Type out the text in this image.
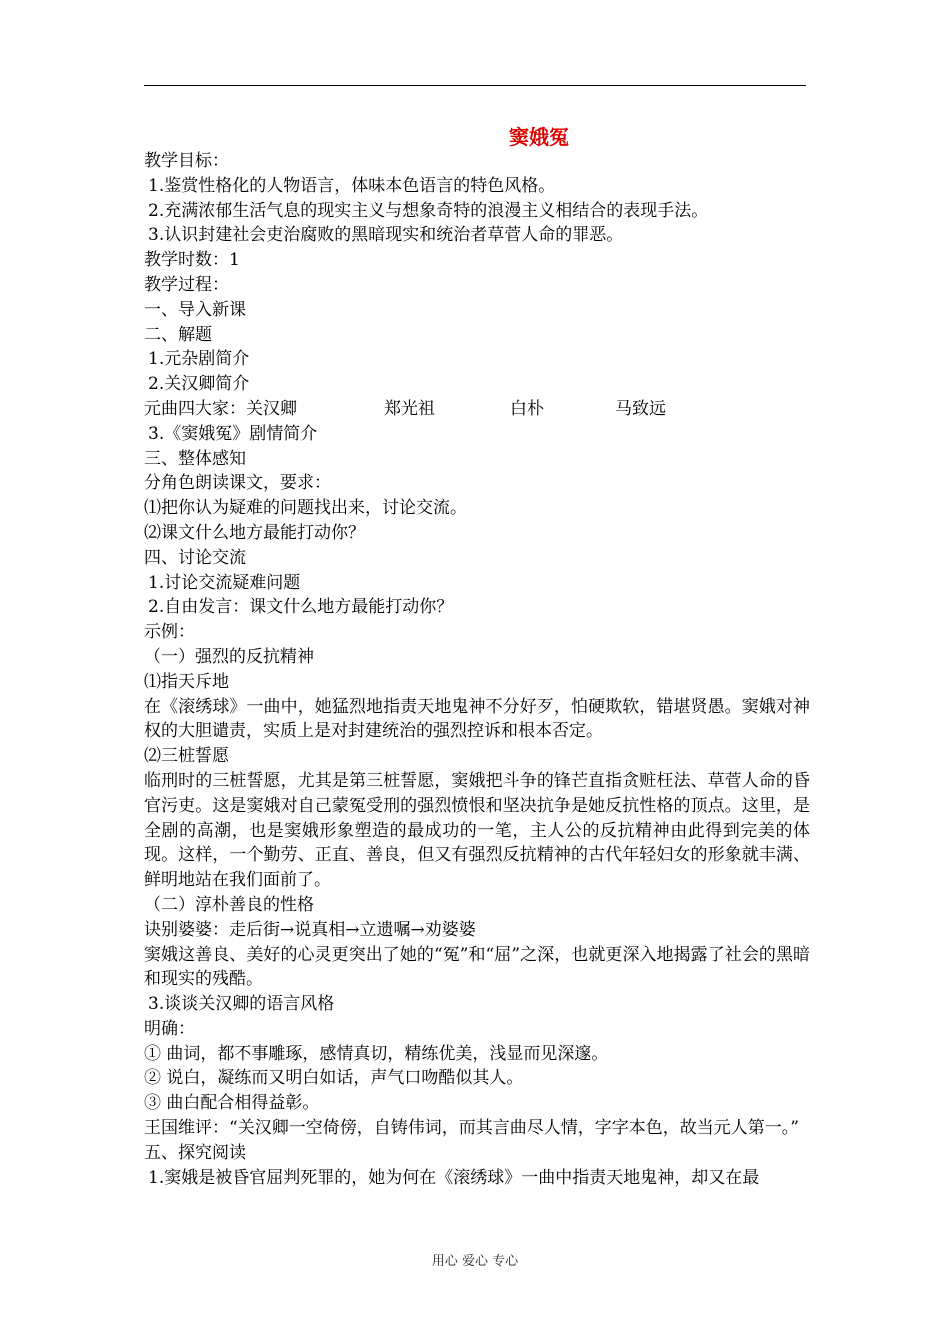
窦娥冤
教学目标：
1.鉴赏性格化的人物语言，体味本色语言的特色风格。
2.充满浓郁生活气息的现实主义与想象奇特的浪漫主义相结合的表现手法。
3.认识封建社会吏治腐败的黑暗现实和统治者草菅人命的罪恶。
教学时数：1
教学过程：
一、导入新课
二、解题
1.元杂剧简介
2.关汉卿简介
元曲四大家：关汉卿	郑光祖	白朴	马致远
3.《窦娥冤》剧情简介
三、整体感知
分角色朗读课文，要求：
⑴把你认为疑难的问题找出来，讨论交流。
⑵课文什么地方最能打动你？
四、讨论交流
1.讨论交流疑难问题
2.自由发言：课文什么地方最能打动你？
示例：
（一）强烈的反抗精神
⑴指天斥地
在《滚绣球》一曲中，她猛烈地指责天地鬼神不分好歹，怕硬欺软，错堪贤愚。窦娥对神权的大胆谴责，实质上是对封建统治的强烈控诉和根本否定。
⑵三桩誓愿
临刑时的三桩誓愿，尤其是第三桩誓愿，窦娥把斗争的锋芒直指贪赃枉法、草菅人命的昏官污吏。这是窦娥对自己蒙冤受刑的强烈愤恨和坚决抗争是她反抗性格的顶点。这里，是全剧的高潮，也是窦娥形象塑造的最成功的一笔，主人公的反抗精神由此得到完美的体现。这样，一个勤劳、正直、善良，但又有强烈反抗精神的古代年轻妇女的形象就丰满、鲜明地站在我们面前了。
（二）淳朴善良的性格
诀别婆婆：走后街→说真相→立遗嘱→劝婆婆
窦娥这善良、美好的心灵更突出了她的“冤”和“屈”之深，也就更深入地揭露了社会的黑暗和现实的残酷。
3.谈谈关汉卿的语言风格
明确：
① 曲词，都不事雕琢，感情真切，精练优美，浅显而见深邃。
② 说白，凝练而又明白如话，声气口吻酷似其人。
③ 曲白配合相得益彰。
王国维评：“关汉卿一空倚傍，自铸伟词，而其言曲尽人情，字字本色，故当元人第一。”
五、探究阅读
1.窦娥是被昏官屈判死罪的，她为何在《滚绣球》一曲中指责天地鬼神，却又在最
用心 爱心 专心
